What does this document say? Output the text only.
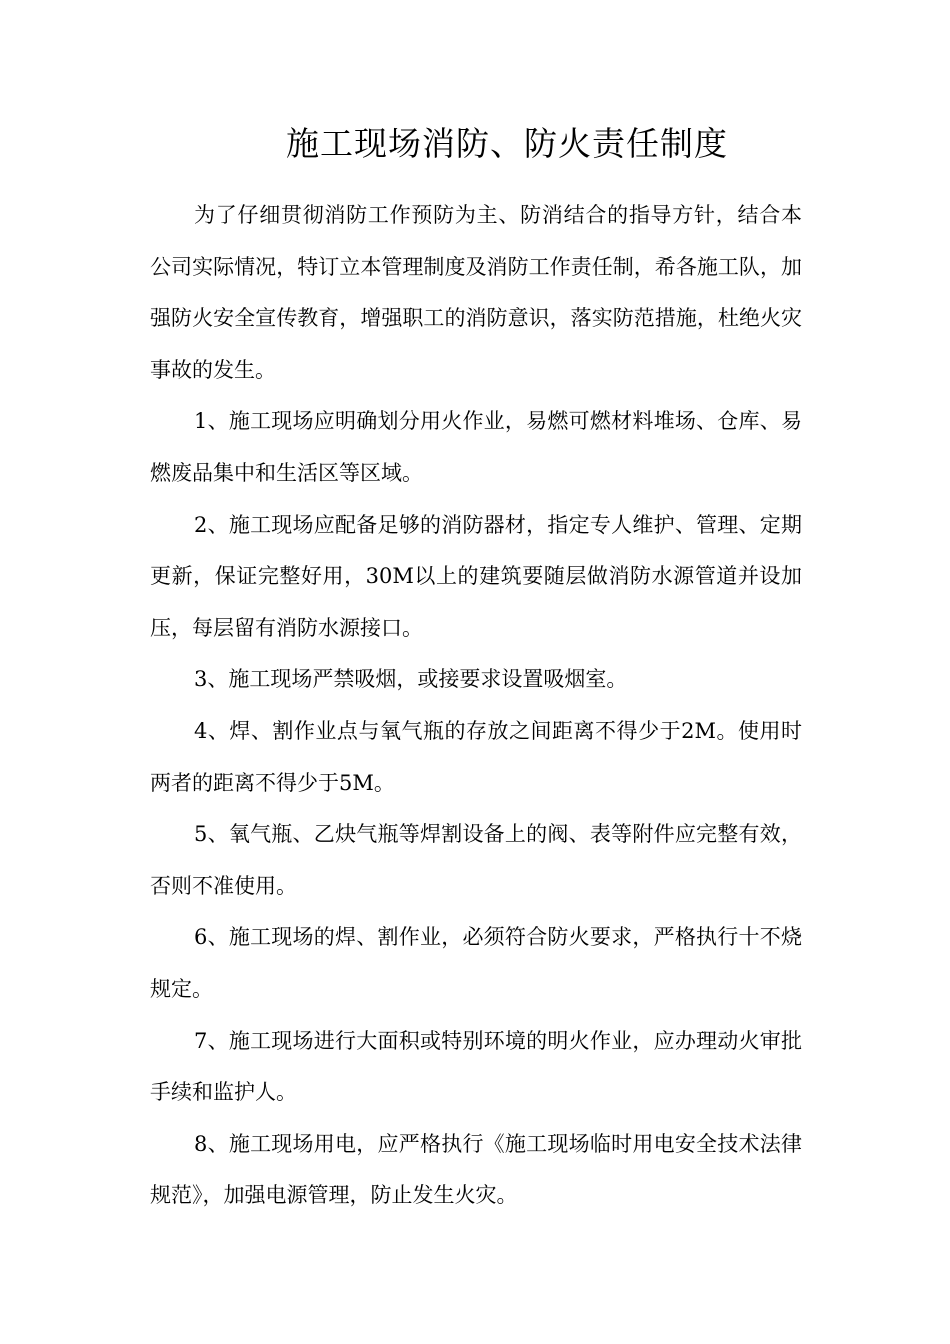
施工现场消防、防火责任制度

为了仔细贯彻消防工作预防为主、防消结合的指导方针，结合本公司实际情况，特订立本管理制度及消防工作责任制，希各施工队，加强防火安全宣传教育，增强职工的消防意识，落实防范措施，杜绝火灾事故的发生。

1、施工现场应明确划分用火作业，易燃可燃材料堆场、仓库、易燃废品集中和生活区等区域。

2、施工现场应配备足够的消防器材，指定专人维护、管理、定期更新，保证完整好用，30M以上的建筑要随层做消防水源管道并设加压，每层留有消防水源接口。

3、施工现场严禁吸烟，或接要求设置吸烟室。

4、焊、割作业点与氧气瓶的存放之间距离不得少于2M。使用时两者的距离不得少于5M。

5、氧气瓶、乙炔气瓶等焊割设备上的阀、表等附件应完整有效，否则不准使用。

6、施工现场的焊、割作业，必须符合防火要求，严格执行十不烧规定。

7、施工现场进行大面积或特别环境的明火作业，应办理动火审批手续和监护人。

8、施工现场用电，应严格执行《施工现场临时用电安全技术法律规范》，加强电源管理，防止发生火灾。
